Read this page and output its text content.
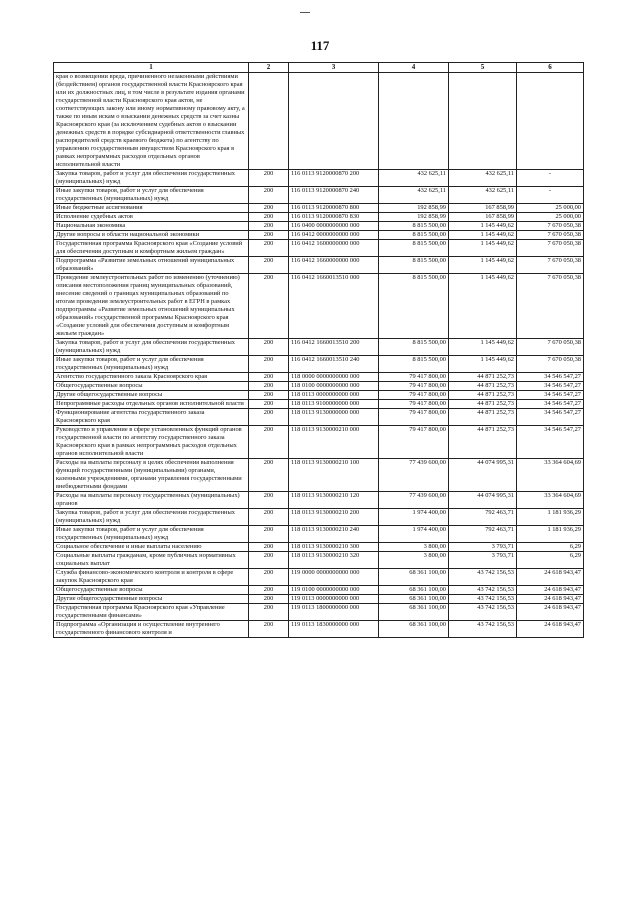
117
1	2	3	4	5	6
края о возмещении вреда, причиненного незаконными действиями (бездействием) органов государственной власти Красноярского края или их должностных лиц, в том числе в результате издания органами государственной власти Красноярского края актов, не соответствующих закону или иному нормативному правовому акту, а также по иным искам о взыскании денежных средств за счет казны Красноярского края (за исключением судебных актов о взыскании денежных средств в порядке субсидиарной ответственности главных распорядителей средств краевого бюджета) по агентству по управлению государственным имуществом Красноярского края в рамках непрограммных расходов отдельных органов исполнительной власти					
Закупка товаров, работ и услуг для обеспечения государственных (муниципальных) нужд	200	116 0113 9120000870 200	432 625,11	432 625,11	-
Иные закупки товаров, работ и услуг для обеспечения государственных (муниципальных) нужд	200	116 0113 9120000870 240	432 625,11	432 625,11	-
Иные бюджетные ассигнования	200	116 0113 9120000870 800	192 858,99	167 858,99	25 000,00
Исполнение судебных актов	200	116 0113 9120000870 830	192 858,99	167 858,99	25 000,00
Национальная экономика	200	116 0400 0000000000 000	8 815 500,00	1 145 449,62	7 670 050,38
Другие вопросы в области национальной экономики	200	116 0412 0000000000 000	8 815 500,00	1 145 449,62	7 670 050,38
Государственная программа Красноярского края «Создание условий для обеспечения доступным и комфортным жильем граждан»	200	116 0412 1600000000 000	8 815 500,00	1 145 449,62	7 670 050,38
Подпрограмма «Развитие земельных отношений муниципальных образований»	200	116 0412 1660000000 000	8 815 500,00	1 145 449,62	7 670 050,38
Проведение землеустроительных работ по изменению (уточнению) описания местоположения границ муниципальных образований, внесение сведений о границах муниципальных образований по итогам проведения землеустроительных работ в ЕГРН в рамках подпрограммы «Развитие земельных отношений муниципальных образований» государственной программы Красноярского края «Создание условий для обеспечения доступным и комфортным жильем граждан»	200	116 0412 1660013510 000	8 815 500,00	1 145 449,62	7 670 050,38
Закупка товаров, работ и услуг для обеспечения государственных (муниципальных) нужд	200	116 0412 1660013510 200	8 815 500,00	1 145 449,62	7 670 050,38
Иные закупки товаров, работ и услуг для обеспечения государственных (муниципальных) нужд	200	116 0412 1660013510 240	8 815 500,00	1 145 449,62	7 670 050,38
Агентство государственного заказа Красноярского края	200	118 0000 0000000000 000	79 417 800,00	44 871 252,73	34 546 547,27
Общегосударственные вопросы	200	118 0100 0000000000 000	79 417 800,00	44 871 252,73	34 546 547,27
Другие общегосударственные вопросы	200	118 0113 0000000000 000	79 417 800,00	44 871 252,73	34 546 547,27
Непрограммные расходы отдельных органов исполнительной власти	200	118 0113 9100000000 000	79 417 800,00	44 871 252,73	34 546 547,27
Функционирование агентства государственного заказа Красноярского края	200	118 0113 9130000000 000	79 417 800,00	44 871 252,73	34 546 547,27
Руководство и управление в сфере установленных функций органов государственной власти по агентству государственного заказа Красноярского края в рамках непрограммных расходов отдельных органов исполнительной власти	200	118 0113 9130000210 000	79 417 800,00	44 871 252,73	34 546 547,27
Расходы на выплаты персоналу в целях обеспечения выполнения функций государственными (муниципальными) органами, казенными учреждениями, органами управления государственными внебюджетными фондами	200	118 0113 9130000210 100	77 439 600,00	44 074 995,31	33 364 604,69
Расходы на выплаты персоналу государственных (муниципальных) органов	200	118 0113 9130000210 120	77 439 600,00	44 074 995,31	33 364 604,69
Закупка товаров, работ и услуг для обеспечения государственных (муниципальных) нужд	200	118 0113 9130000210 200	1 974 400,00	792 463,71	1 181 936,29
Иные закупки товаров, работ и услуг для обеспечения государственных (муниципальных) нужд	200	118 0113 9130000210 240	1 974 400,00	792 463,71	1 181 936,29
Социальное обеспечение и иные выплаты населению	200	118 0113 9130000210 300	3 800,00	3 793,71	6,29
Социальные выплаты гражданам, кроме публичных нормативных социальных выплат	200	118 0113 9130000210 320	3 800,00	3 793,71	6,29
Служба финансово-экономического контроля и контроля в сфере закупок Красноярского края	200	119 0000 0000000000 000	68 361 100,00	43 742 156,53	24 618 943,47
Общегосударственные вопросы	200	119 0100 0000000000 000	68 361 100,00	43 742 156,53	24 618 943,47
Другие общегосударственные вопросы	200	119 0113 0000000000 000	68 361 100,00	43 742 156,53	24 618 943,47
Государственная программа Красноярского края «Управление государственными финансами»	200	119 0113 1800000000 000	68 361 100,00	43 742 156,53	24 618 943,47
Подпрограмма «Организация и осуществление внутреннего государственного финансового контроля и	200	119 0113 1830000000 000	68 361 100,00	43 742 156,53	24 618 943,47
